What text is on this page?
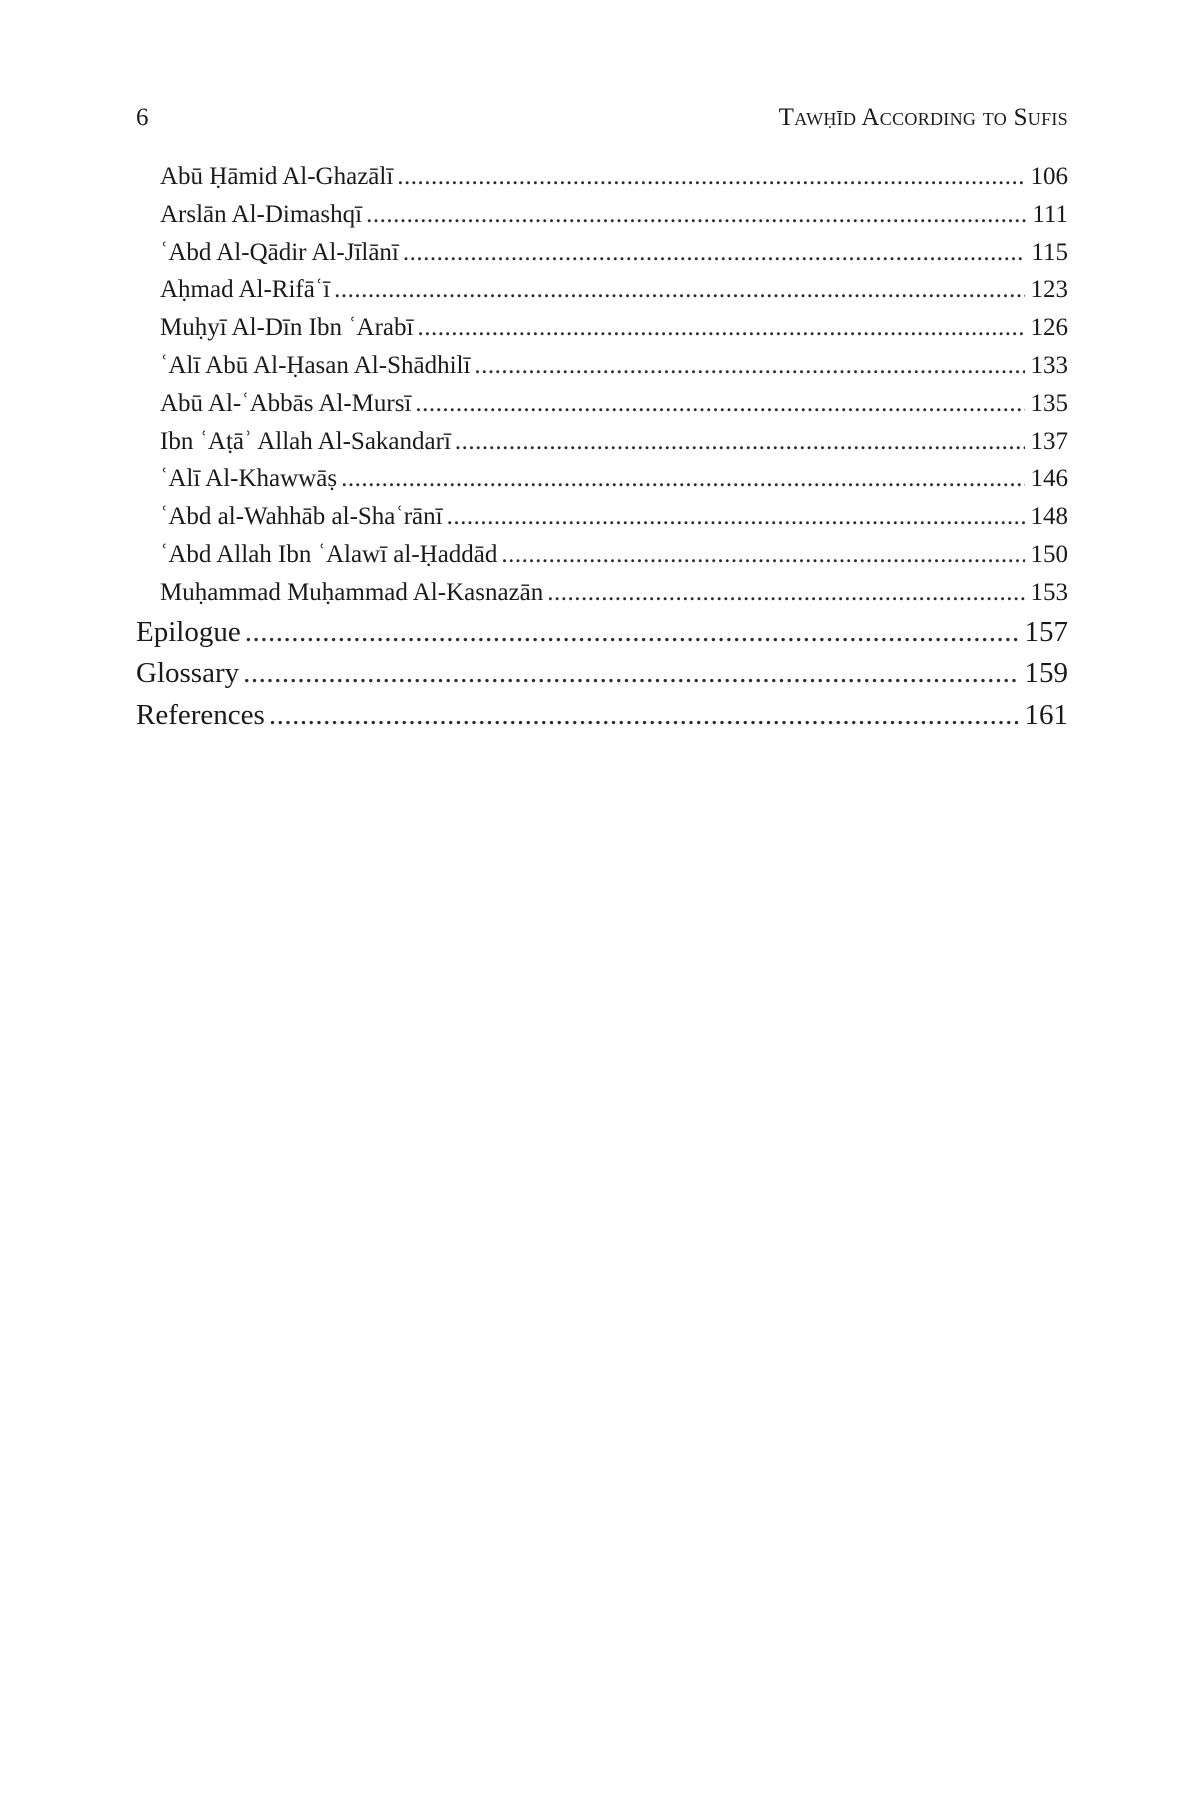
6	Tawḥīd According to Sufis
Abū Ḥāmid Al-Ghazālī .....	106
Arslān Al-Dimashqī .....	111
ʿAbd Al-Qādir Al-Jīlānī .....	115
Aḥmad Al-Rifāʿī .....	123
Muḥyī Al-Dīn Ibn ʿArabī .....	126
ʿAlī Abū Al-Ḥasan Al-Shādhilī .....	133
Abū Al-ʿAbbās Al-Mursī .....	135
Ibn ʿAṭāʾ Allah Al-Sakandarī .....	137
ʿAlī Al-Khawwāṣ .....	146
ʿAbd al-Wahhāb al-Shaʿrānī .....	148
ʿAbd Allah Ibn ʿAlawī al-Ḥaddād .....	150
Muḥammad Muḥammad Al-Kasnazān .....	153
Epilogue .....	157
Glossary .....	159
References .....	161
